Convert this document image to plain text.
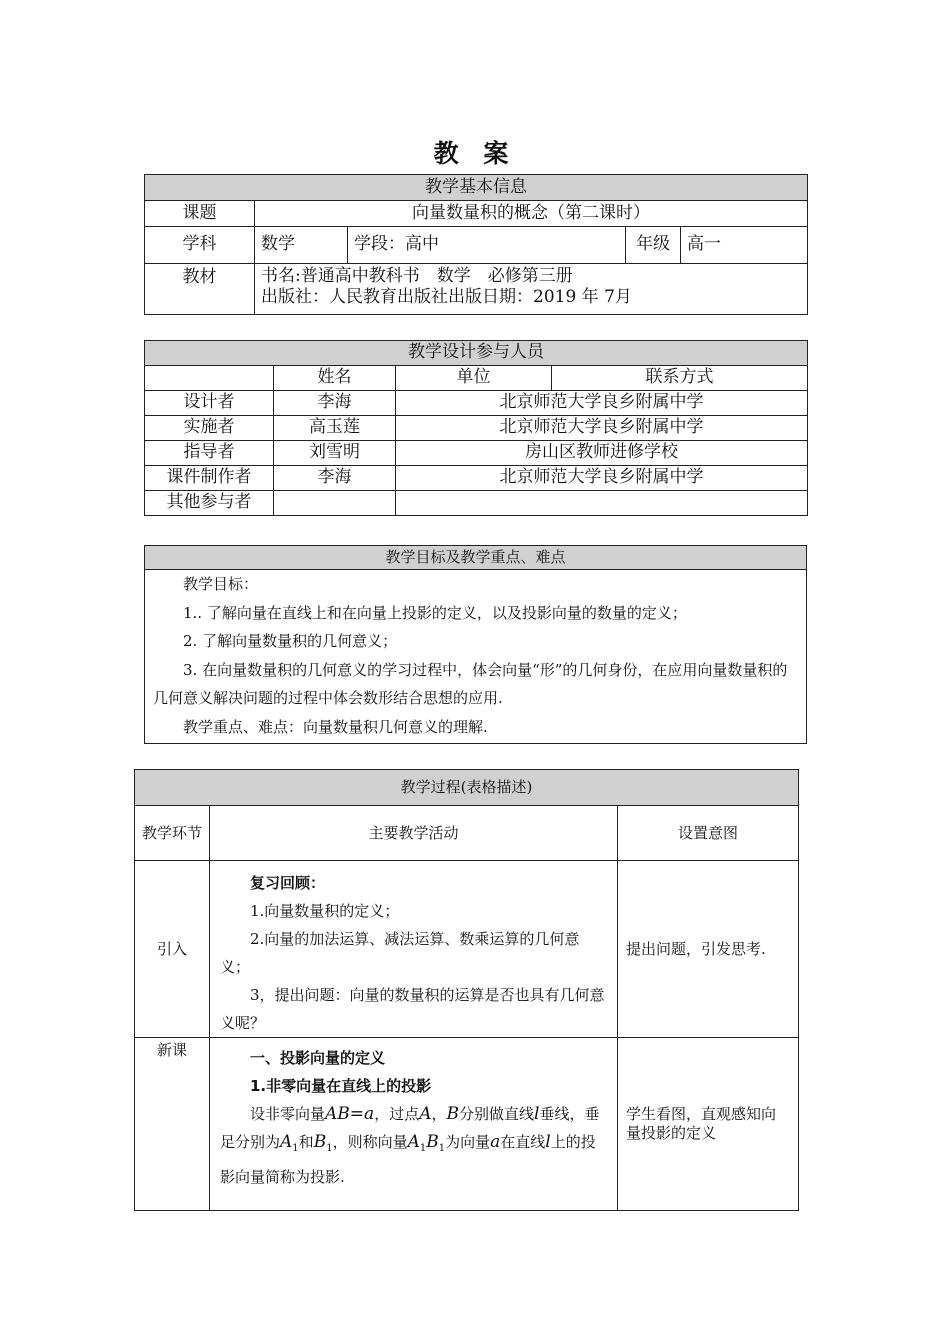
教 案
教学基本信息				
课题	向量数量积的概念（第二课时）			
学科	数学	学段：高中	年级	高一
教材	书名:普通高中教科书　数学　必修第三册
出版社：人民教育出版社出版日期：2019 年 7月			
教学设计参与人员			
	姓名	单位	联系方式
设计者	李海	北京师范大学良乡附属中学	
实施者	高玉莲	北京师范大学良乡附属中学	
指导者	刘雪明	房山区教师进修学校	
课件制作者	李海	北京师范大学良乡附属中学	
其他参与者			
教学目标及教学重点、难点

教学目标：

1.. 了解向量在直线上和在向量上投影的定义，以及投影向量的数量的定义；

2. 了解向量数量积的几何意义；

3. 在向量数量积的几何意义的学习过程中，体会向量“形”的几何身份，在应用向量数量积的几何意义解决问题的过程中体会数形结合思想的应用.

教学重点、难点：向量数量积几何意义的理解.

教学过程(表格描述)		
教学环节	主要教学活动	设置意图
引入	复习回顾：

1.向量数量积的定义；

2.向量的加法运算、减法运算、数乘运算的几何意义；

3，提出问题：向量的数量积的运算是否也具有几何意义呢？	提出问题，引发思考.
新课	一、投影向量的定义

1.非零向量在直线上的投影

设非零向量AB=a，过点A，B分别做直线l垂线，垂足分别为$A_1$和$B_1$，则称向量$A_1B_1$为向量a在直线l上的投影向量简称为投影.	学生看图，直观感知向量投影的定义
